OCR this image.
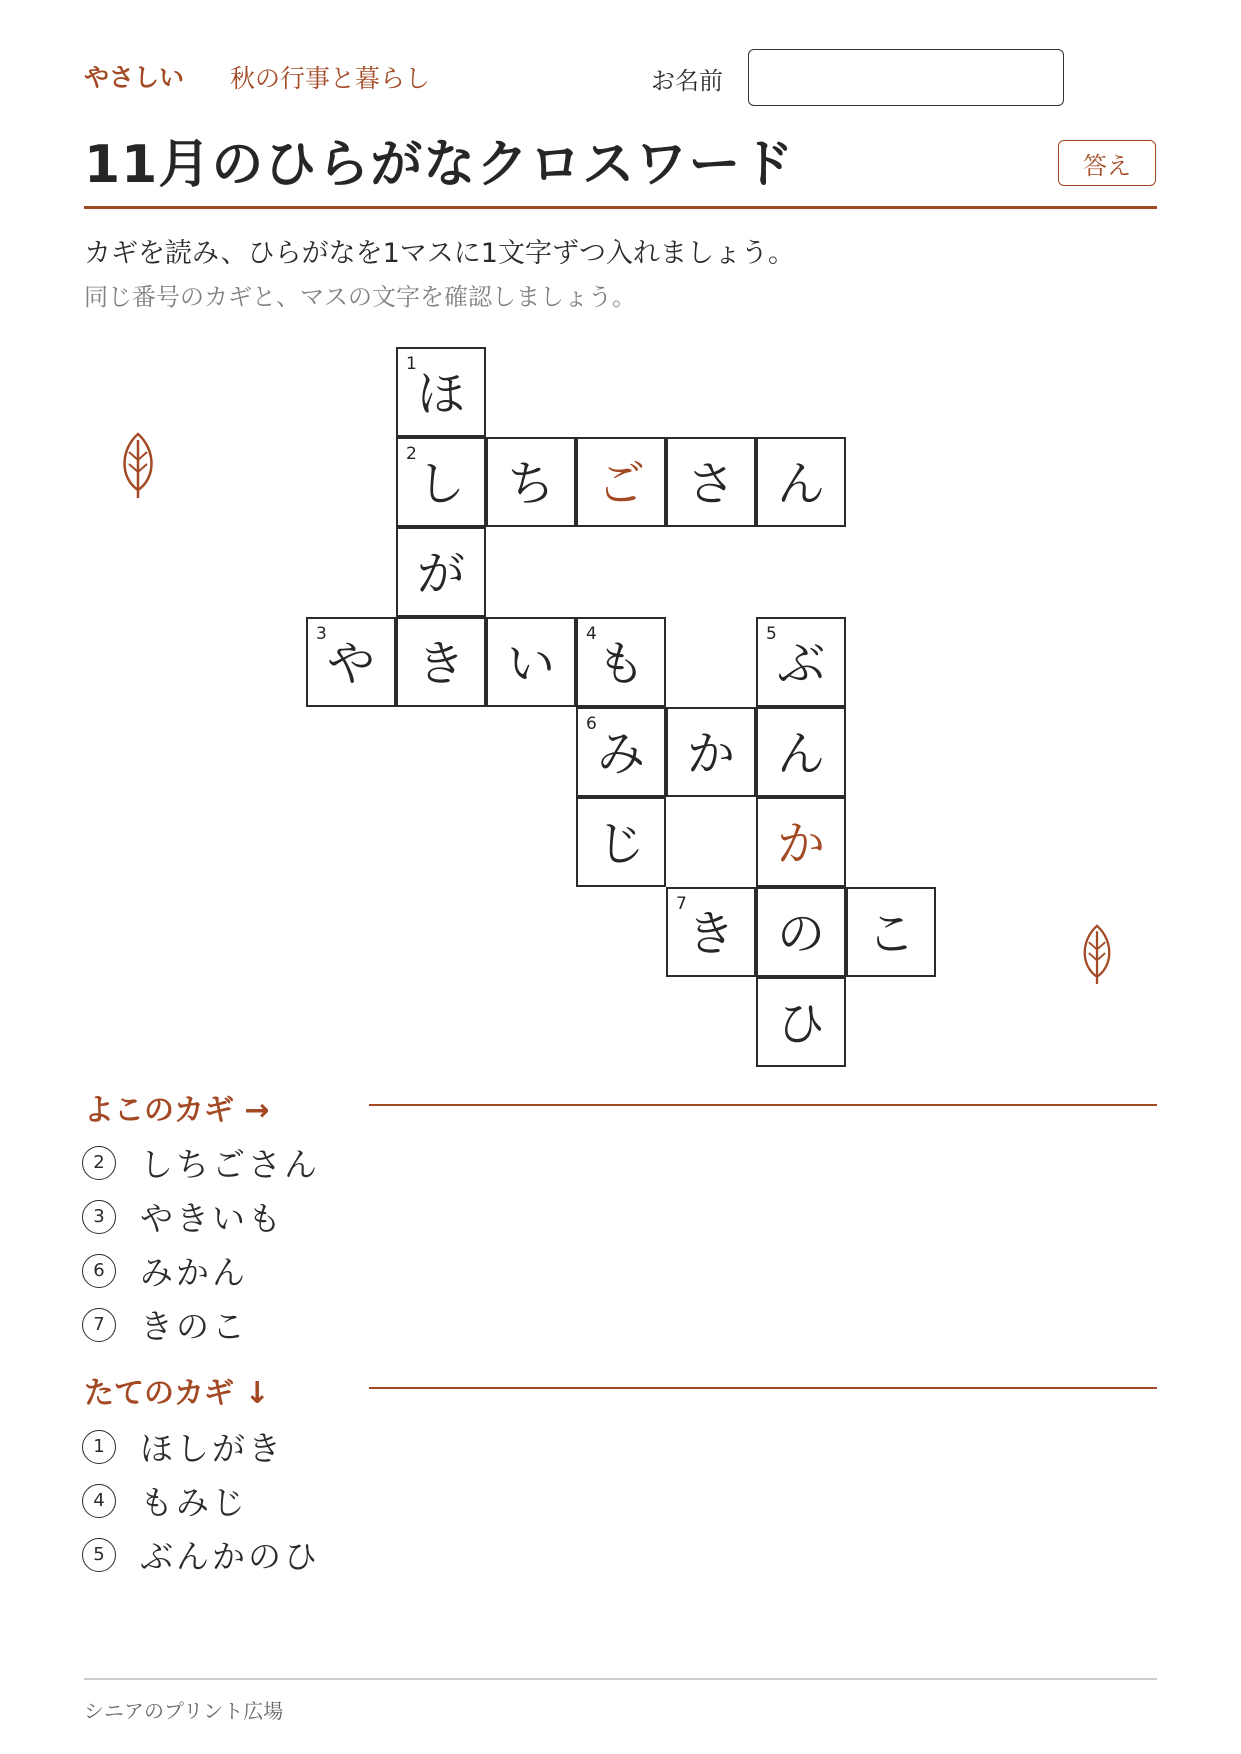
やさしい 秋の行事と暮らし	お名前
11月のひらがなクロスワード	答え
カギを読み、ひらがなを1マスに1文字ずつ入れましょう。
同じ番号のカギと、マスの文字を確認しましょう。
1
ほ
2
し ち ご さ ん
が
3
や き い
4
も
5
ぶ
6
み か ん
じ	か
7
き の こ
ひ
よこのカギ →
2	しちごさん
3	やきいも
6	みかん
7	きのこ
たてのカギ ↓
1	ほしがき
4	もみじ
5	ぶんかのひ
シニアのプリント広場
